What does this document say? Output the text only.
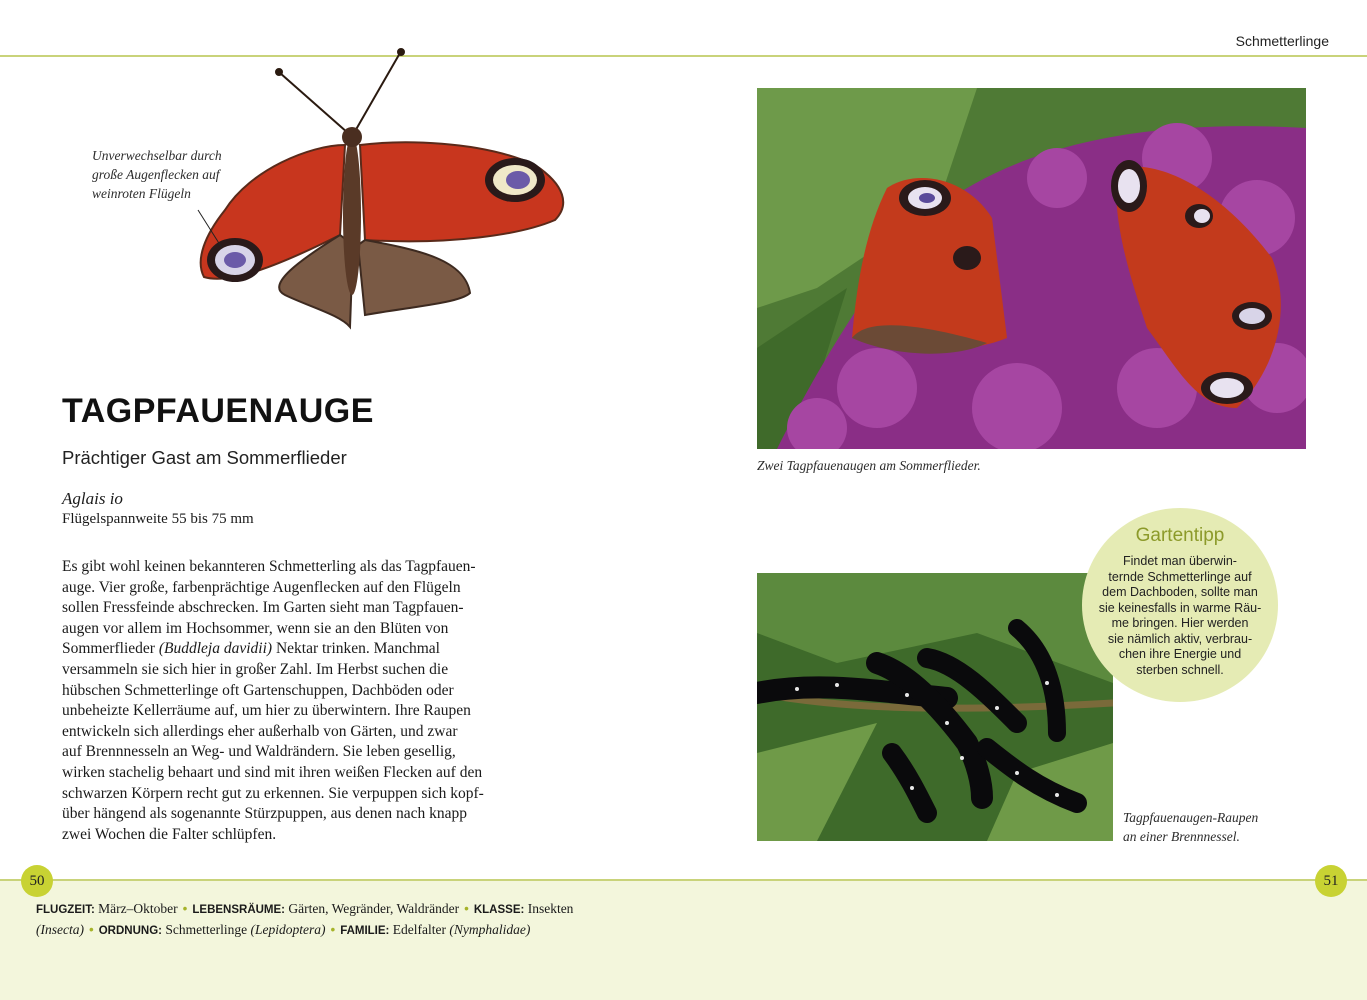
Schmetterlinge
Unverwechselbar durch
große Augenflecken auf
weinroten Flügeln
TAGPFAUENAUGE
Prächtiger Gast am Sommerflieder
Aglais io
Flügelspannweite 55 bis 75 mm
Es gibt wohl keinen bekannteren Schmetterling als das Tagpfauen-
auge. Vier große, farbenprächtige Augenflecken auf den Flügeln
sollen Fressfeinde abschrecken. Im Garten sieht man Tagpfauen-
augen vor allem im Hochsommer, wenn sie an den Blüten von
Sommerflieder (Buddleja davidii) Nektar trinken. Manchmal
versammeln sie sich hier in großer Zahl. Im Herbst suchen die
hübschen Schmetterlinge oft Gartenschuppen, Dachböden oder
unbeheizte Kellerräume auf, um hier zu überwintern. Ihre Raupen
entwickeln sich allerdings eher außerhalb von Gärten, und zwar
auf Brennnesseln an Weg- und Waldrändern. Sie leben gesellig,
wirken stachelig behaart und sind mit ihren weißen Flecken auf den
schwarzen Körpern recht gut zu erkennen. Sie verpuppen sich kopf-
über hängend als sogenannte Stürzpuppen, aus denen nach knapp
zwei Wochen die Falter schlüpfen.
Zwei Tagpfauenaugen am Sommerflieder.
Tagpfauenaugen-Raupen
an einer Brennnessel.
Gartentipp
Findet man überwin-
ternde Schmetterlinge auf
dem Dachboden, sollte man
sie keinesfalls in warme Räu-
me bringen. Hier werden
sie nämlich aktiv, verbrau-
chen ihre Energie und
sterben schnell.
50	51
FLUGZEIT: März–Oktober • LEBENSRÄUME: Gärten, Wegränder, Waldränder • KLASSE: Insekten
(Insecta) • ORDNUNG: Schmetterlinge (Lepidoptera) • FAMILIE: Edelfalter (Nymphalidae)
